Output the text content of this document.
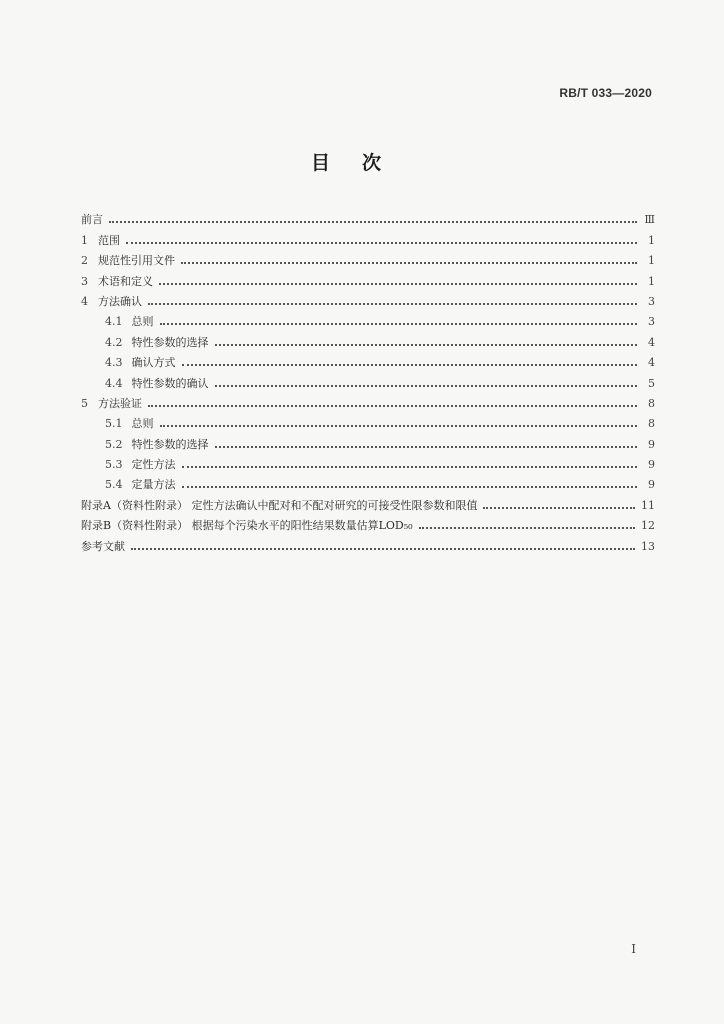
RB/T 033—2020
目次
前言	Ⅲ
1 范围	1
2 规范性引用文件	1
3 术语和定义	1
4 方法确认	3
4.1 总则	3
4.2 特性参数的选择	4
4.3 确认方式	4
4.4 特性参数的确认	5
5 方法验证	8
5.1 总则	8
5.2 特性参数的选择	9
5.3 定性方法	9
5.4 定量方法	9
附录A（资料性附录） 定性方法确认中配对和不配对研究的可接受性限参数和限值	11
附录B（资料性附录） 根据每个污染水平的阳性结果数量估算LOD₅₀	12
参考文献	13
I
